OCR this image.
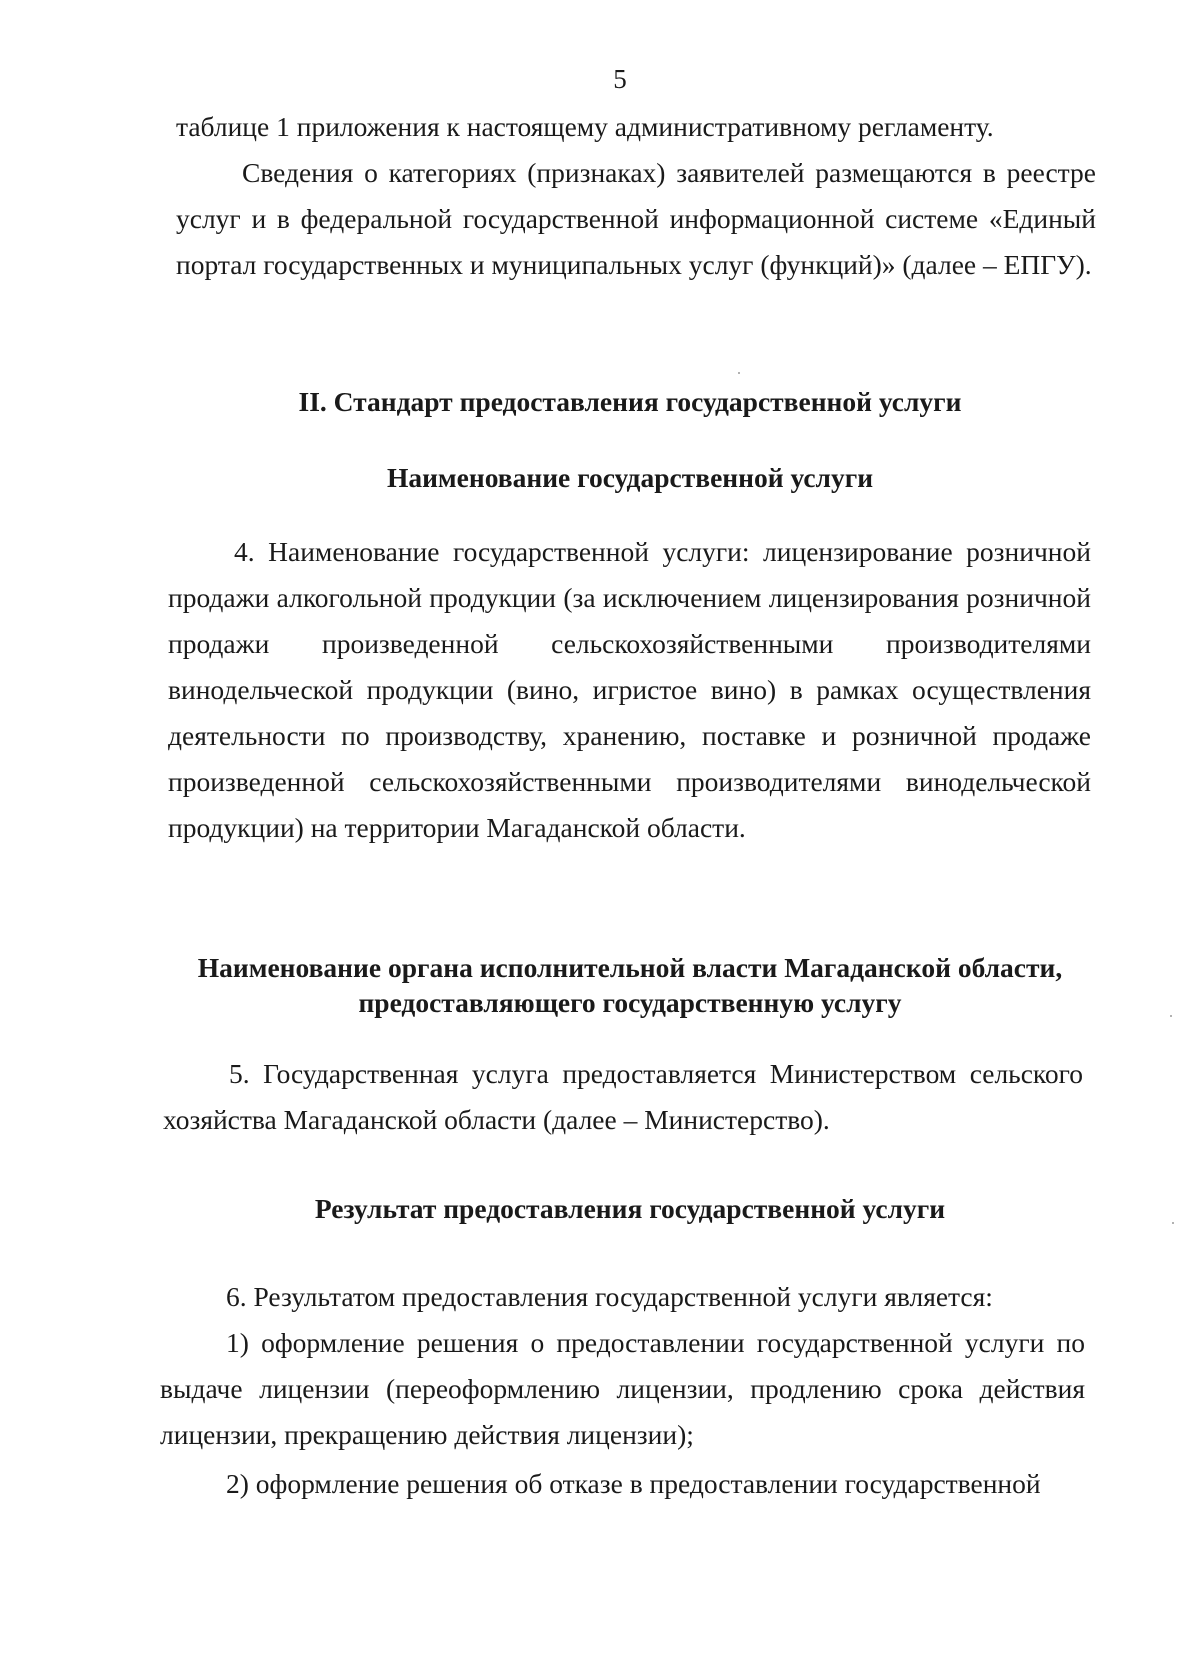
5

таблице 1 приложения к настоящему административному регламенту.

Сведения о категориях (признаках) заявителей размещаются в реестре услуг и в федеральной государственной информационной системе «Единый портал государственных и муниципальных услуг (функций)» (далее – ЕПГУ).

II. Стандарт предоставления государственной услуги
Наименование государственной услуги

4. Наименование государственной услуги: лицензирование розничной продажи алкогольной продукции (за исключением лицензирования розничной продажи произведенной сельскохозяйственными производителями винодельческой продукции (вино, игристое вино) в рамках осуществления деятельности по производству, хранению, поставке и розничной продаже произведенной сельскохозяйственными производителями винодельческой продукции) на территории Магаданской области.

Наименование органа исполнительной власти Магаданской области,
предоставляющего государственную услугу

5. Государственная услуга предоставляется Министерством сельского хозяйства Магаданской области (далее – Министерство).

Результат предоставления государственной услуги

6. Результатом предоставления государственной услуги является:

1) оформление решения о предоставлении государственной услуги по выдаче лицензии (переоформлению лицензии, продлению срока действия лицензии, прекращению действия лицензии);

2) оформление решения об отказе в предоставлении государственной
